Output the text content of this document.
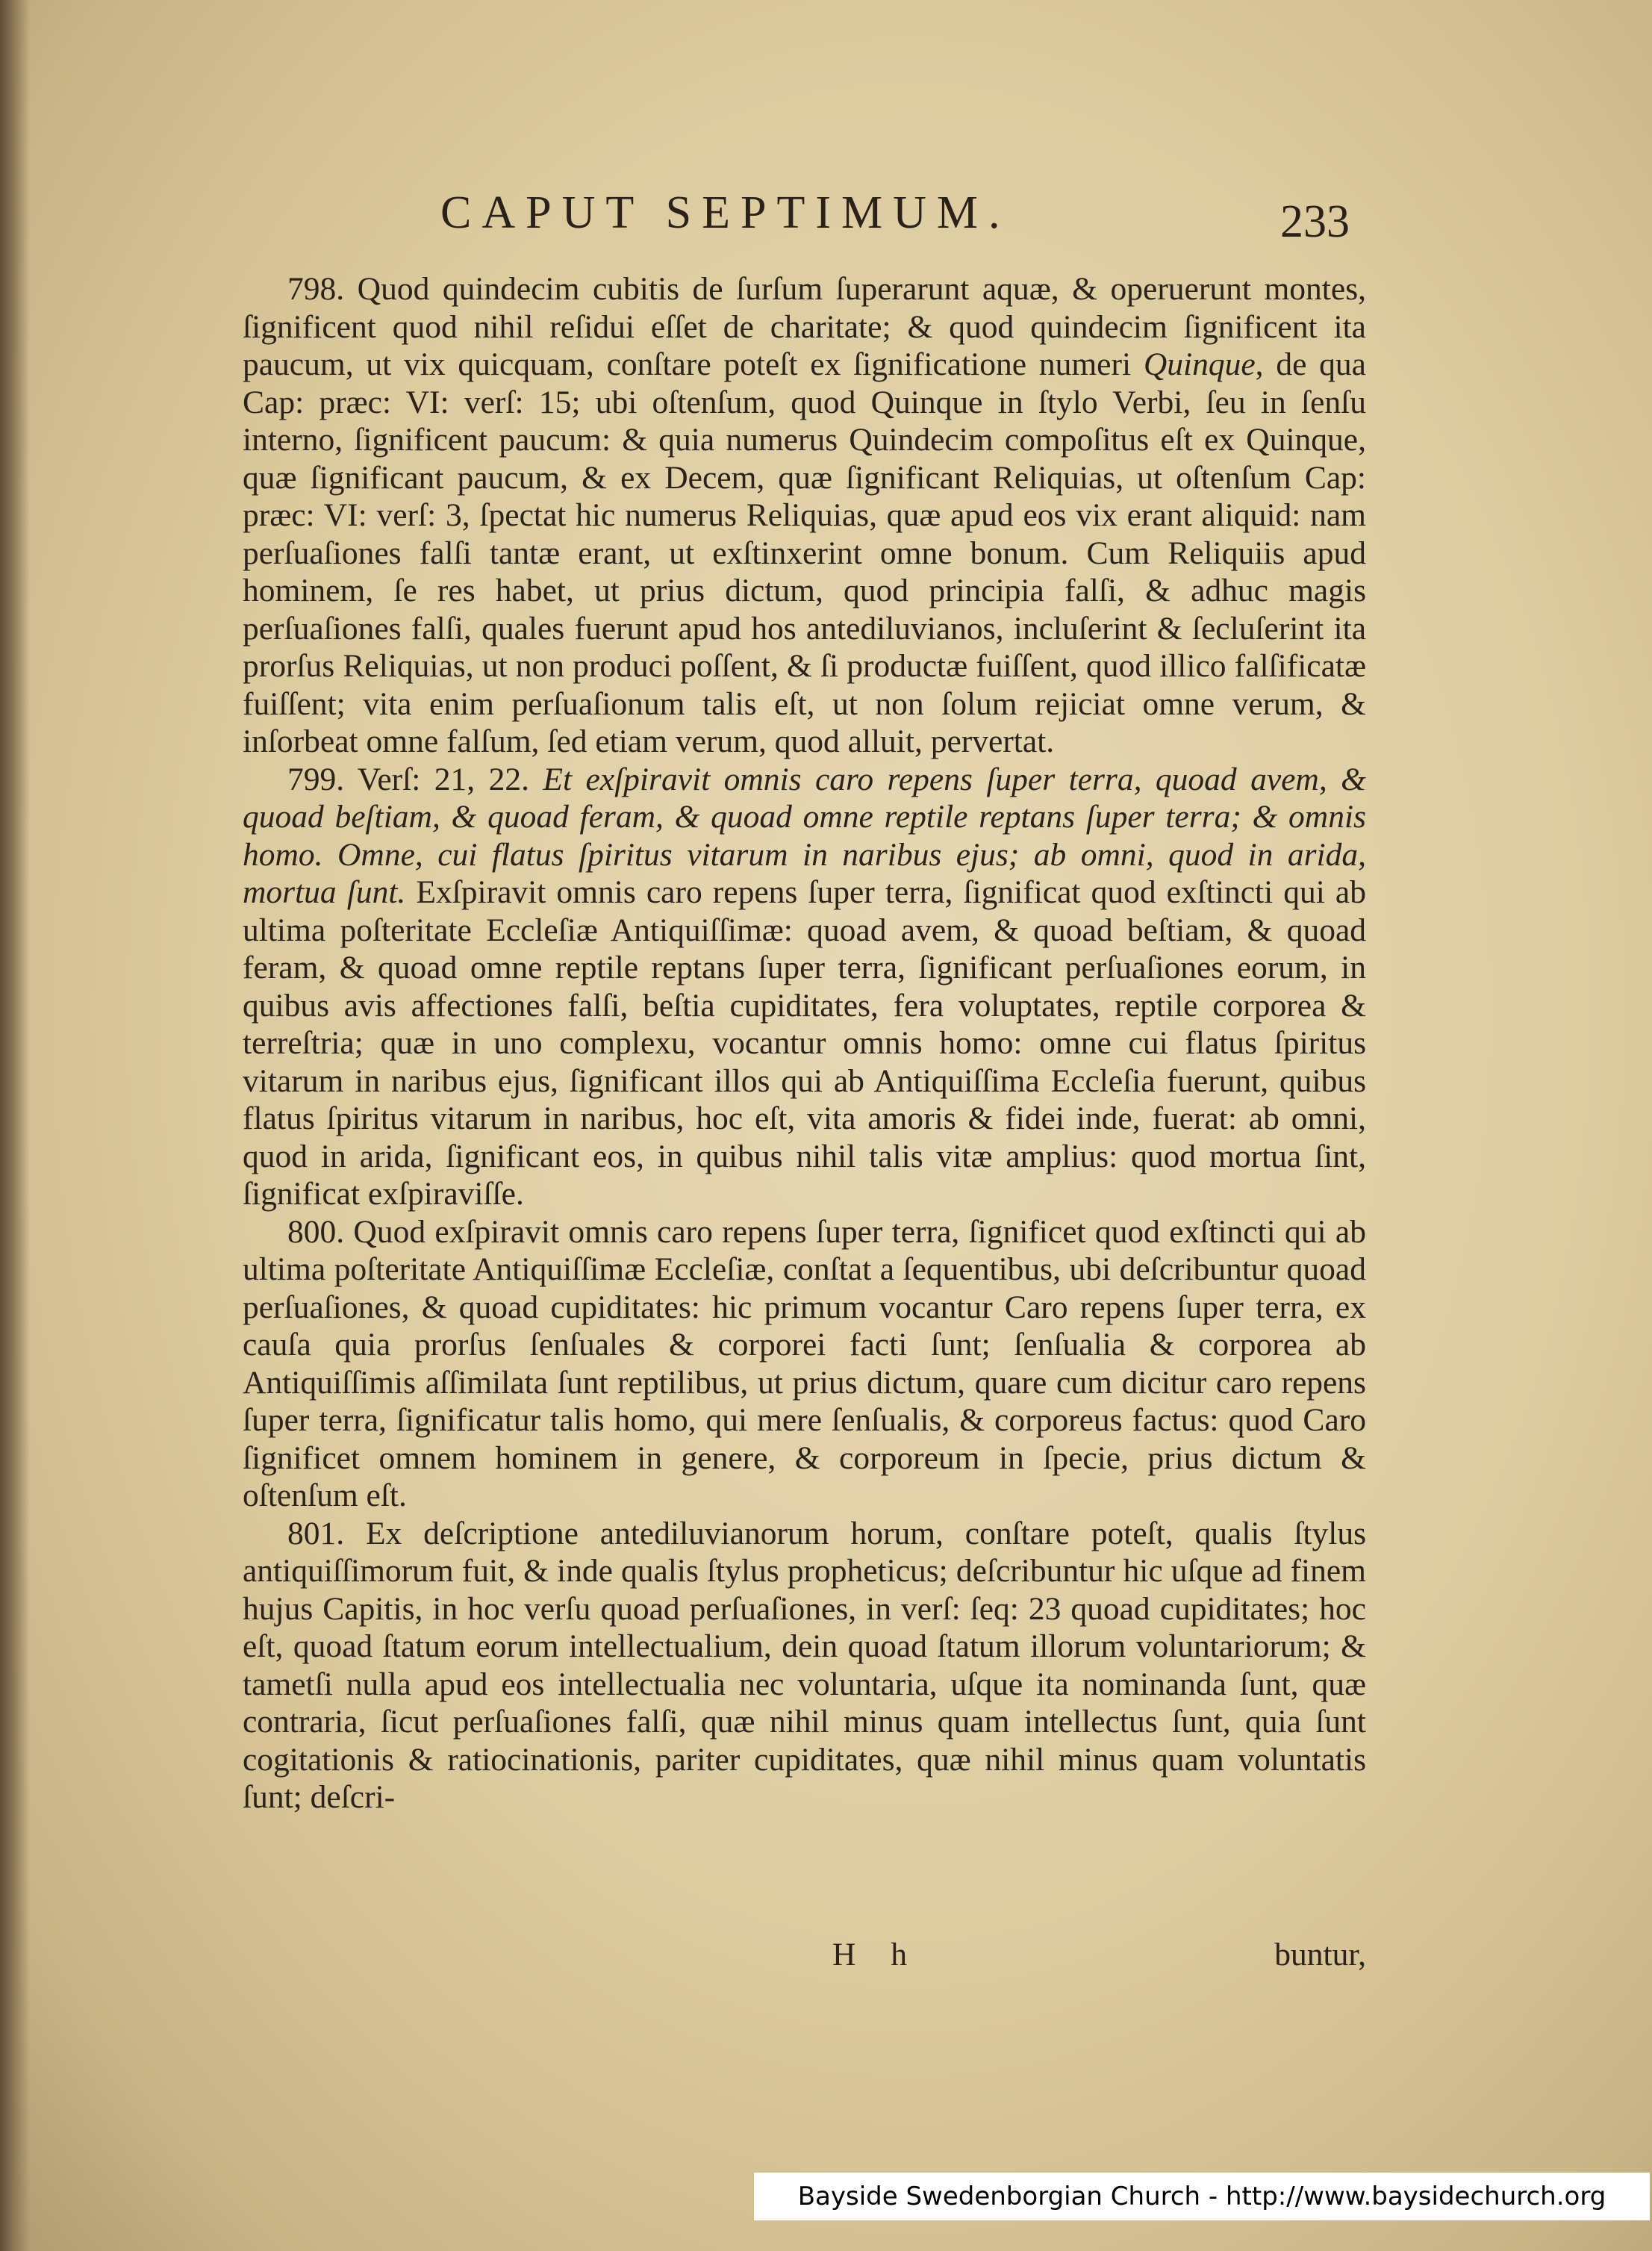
CAPUT SEPTIMUM.	233

798. Quod quindecim cubitis de ſurſum ſuperarunt aquæ, & operuerunt montes, ſignificent quod nihil reſidui eſſet de charitate; & quod quindecim ſignificent ita paucum, ut vix quicquam, conſtare poteſt ex ſignificatione numeri Quinque, de qua Cap: præc: VI: verſ: 15; ubi oſtenſum, quod Quinque in ſtylo Verbi, ſeu in ſenſu interno, ſignificent paucum: & quia numerus Quindecim compoſitus eſt ex Quinque, quæ ſignificant paucum, & ex Decem, quæ ſignificant Reliquias, ut oſtenſum Cap: præc: VI: verſ: 3, ſpectat hic numerus Reliquias, quæ apud eos vix erant aliquid: nam perſuaſiones falſi tantæ erant, ut exſtinxerint omne bonum. Cum Reliquiis apud hominem, ſe res habet, ut prius dictum, quod principia falſi, & adhuc magis perſuaſiones falſi, quales fuerunt apud hos antediluvianos, incluſerint & ſecluſerint ita prorſus Reliquias, ut non produci poſſent, & ſi productæ fuiſſent, quod illico falſificatæ fuiſſent; vita enim perſuaſionum talis eſt, ut non ſolum rejiciat omne verum, & inſorbeat omne falſum, ſed etiam verum, quod alluit, pervertat.

799. Verſ: 21, 22. Et exſpiravit omnis caro repens ſuper terra, quoad avem, & quoad beſtiam, & quoad feram, & quoad omne reptile reptans ſuper terra; & omnis homo. Omne, cui flatus ſpiritus vitarum in naribus ejus; ab omni, quod in arida, mortua ſunt. Exſpiravit omnis caro repens ſuper terra, ſignificat quod exſtincti qui ab ultima poſteritate Eccleſiæ Antiquiſſimæ: quoad avem, & quoad beſtiam, & quoad feram, & quoad omne reptile reptans ſuper terra, ſignificant perſuaſiones eorum, in quibus avis affectiones falſi, beſtia cupiditates, fera voluptates, reptile corporea & terreſtria; quæ in uno complexu, vocantur omnis homo: omne cui flatus ſpiritus vitarum in naribus ejus, ſignificant illos qui ab Antiquiſſima Eccleſia fuerunt, quibus flatus ſpiritus vitarum in naribus, hoc eſt, vita amoris & fidei inde, fuerat: ab omni, quod in arida, ſignificant eos, in quibus nihil talis vitæ amplius: quod mortua ſint, ſignificat exſpiraviſſe.

800. Quod exſpiravit omnis caro repens ſuper terra, ſignificet quod exſtincti qui ab ultima poſteritate Antiquiſſimæ Eccleſiæ, conſtat a ſequentibus, ubi deſcribuntur quoad perſuaſiones, & quoad cupiditates: hic primum vocantur Caro repens ſuper terra, ex cauſa quia prorſus ſenſuales & corporei facti ſunt; ſenſualia & corporea ab Antiquiſſimis aſſimilata ſunt reptilibus, ut prius dictum, quare cum dicitur caro repens ſuper terra, ſignificatur talis homo, qui mere ſenſualis, & corporeus factus: quod Caro ſignificet omnem hominem in genere, & corporeum in ſpecie, prius dictum & oſtenſum eſt.

801. Ex deſcriptione antediluvianorum horum, conſtare poteſt, qualis ſtylus antiquiſſimorum fuit, & inde qualis ſtylus propheticus; deſcribuntur hic uſque ad finem hujus Capitis, in hoc verſu quoad perſuaſiones, in verſ: ſeq: 23 quoad cupiditates; hoc eſt, quoad ſtatum eorum intellectualium, dein quoad ſtatum illorum voluntariorum; & tametſi nulla apud eos intellectualia nec voluntaria, uſque ita nominanda ſunt, quæ contraria, ſicut perſuaſiones falſi, quæ nihil minus quam intellectus ſunt, quia ſunt cogitationis & ratiocinationis, pariter cupiditates, quæ nihil minus quam voluntatis ſunt; deſcri-

H h	buntur,
Bayside Swedenborgian Church - http://www.baysidechurch.org
